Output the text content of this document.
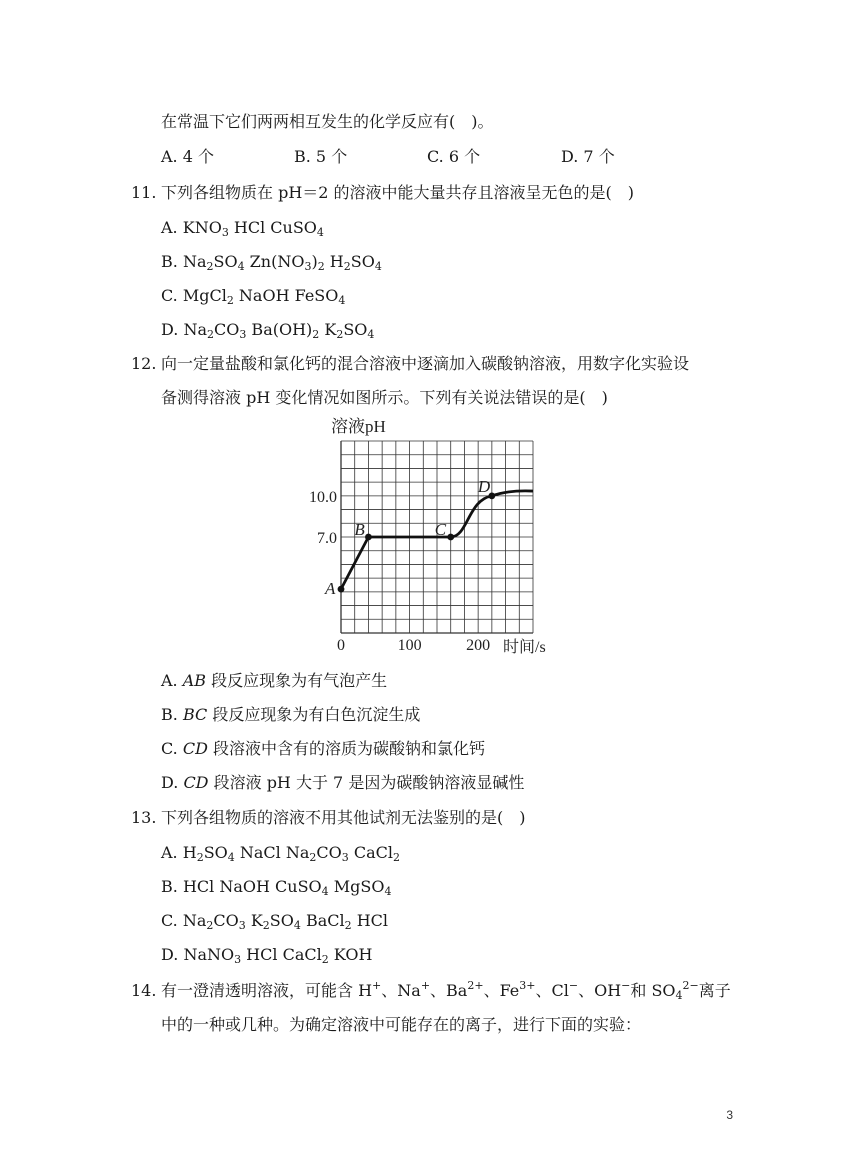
在常温下它们两两相互发生的化学反应有(　)。
A. 4 个	B. 5 个	C. 6 个	D. 7 个
11. 下列各组物质在 pH＝2 的溶液中能大量共存且溶液呈无色的是(　)
A. $KNO_3$ HCl CuSO$_4$
B. $Na_2SO_4$ $Zn(NO_3)_2$ $H_2SO_4$
C. MgCl$_2$ NaOH FeSO$_4$
D. $Na_2CO_3$ $Ba(OH)_2$ $K_2SO_4$
12. 向一定量盐酸和氯化钙的混合溶液中逐滴加入碳酸钠溶液，用数字化实验设
备测得溶液 pH 变化情况如图所示。下列有关说法错误的是(　)
溶液pH
时间/s
0	100	200
7.0
10.0
A
B	C
D
A. AB 段反应现象为有气泡产生
B. BC 段反应现象为有白色沉淀生成
C. CD 段溶液中含有的溶质为碳酸钠和氯化钙
D. CD 段溶液 pH 大于 7 是因为碳酸钠溶液显碱性
13. 下列各组物质的溶液不用其他试剂无法鉴别的是(　)
A. $H_2SO_4$ NaCl $Na_2CO_3$ CaCl$_2$
B. HCl NaOH CuSO$_4$ MgSO$_4$
C. $Na_2CO_3$ $K_2SO_4$ BaCl$_2$ HCl
D. NaNO$_3$ HCl CaCl$_2$ KOH
14. 有一澄清透明溶液，可能含 H+、Na+、$Ba^{2+}$、$Fe^{3+}$、Cl−、OH−和 $SO_4^{2-}$离子
中的一种或几种。为确定溶液中可能存在的离子，进行下面的实验：
3
